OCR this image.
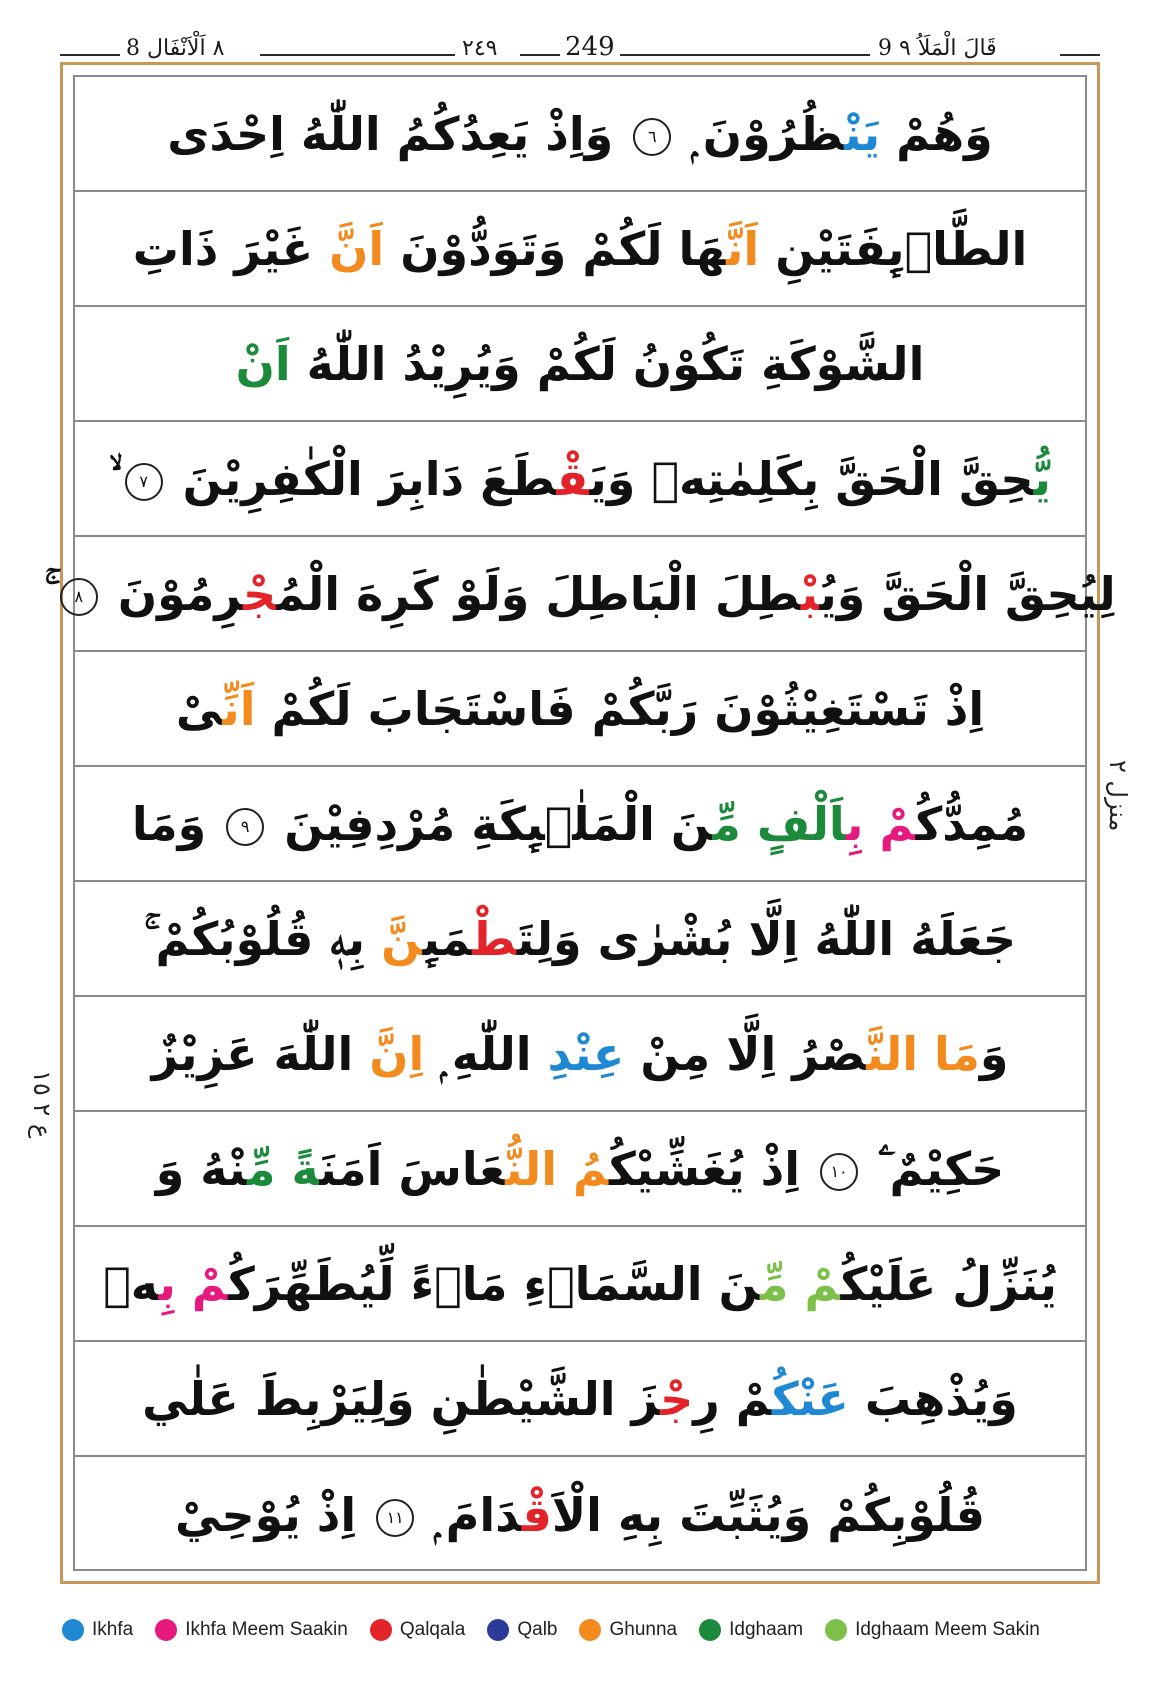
٨ اَلْاَنْفَال 8	٢٤٩	249	9 قَالَ الْمَلَاُ ٩
وَهُمْ يَنْظُرُوْنَ ۭ ٦ وَاِذْ يَعِدُكُمُ اللّٰهُ اِحْدَى
الطَّاۗىِٕفَتَيْنِ اَنَّهَا لَكُمْ وَتَوَدُّوْنَ اَنَّ غَيْرَ ذَاتِ
الشَّوْكَةِ تَكُوْنُ لَكُمْ وَيُرِيْدُ اللّٰهُ اَنْ
يُّحِقَّ الْحَقَّ بِكَلِمٰتِهٖ وَيَقْطَعَ دَابِرَ الْكٰفِرِيْنَ ٧ ۙ
لِيُحِقَّ الْحَقَّ وَيُبْطِلَ الْبَاطِلَ وَلَوْ كَرِهَ الْمُجْرِمُوْنَ ٨ ۚ
اِذْ تَسْتَغِيْثُوْنَ رَبَّكُمْ فَاسْتَجَابَ لَكُمْ اَنِّىْ
مُمِدُّكُمْ بِاَلْفٍ مِّنَ الْمَلٰۗىِٕكَةِ مُرْدِفِيْنَ ٩ وَمَا
جَعَلَهُ اللّٰهُ اِلَّا بُشْرٰى وَلِتَطْمَىِٕنَّ بِهٖ قُلُوْبُكُمْ ۚ
وَمَا النَّصْرُ اِلَّا مِنْ عِنْدِ اللّٰهِ ۭ اِنَّ اللّٰهَ عَزِيْزٌ
حَكِيْمٌ ۧ ١٠ اِذْ يُغَشِّيْكُمُ النُّعَاسَ اَمَنَةً مِّنْهُ وَ
يُنَزِّلُ عَلَيْكُمْ مِّنَ السَّمَاۗءِ مَاۗءً لِّيُطَهِّرَكُمْ بِهٖ
وَيُذْهِبَ عَنْكُمْ رِجْزَ الشَّيْطٰنِ وَلِيَرْبِطَ عَلٰي
قُلُوْبِكُمْ وَيُثَبِّتَ بِهِ الْاَقْدَامَ ۭ ١١ اِذْ يُوْحِيْ
منزل ٢
ع ٢ ١٥
Ikhfa	Ikhfa Meem Saakin	Qalqala	Qalb	Ghunna	Idghaam	Idghaam Meem Sakin
